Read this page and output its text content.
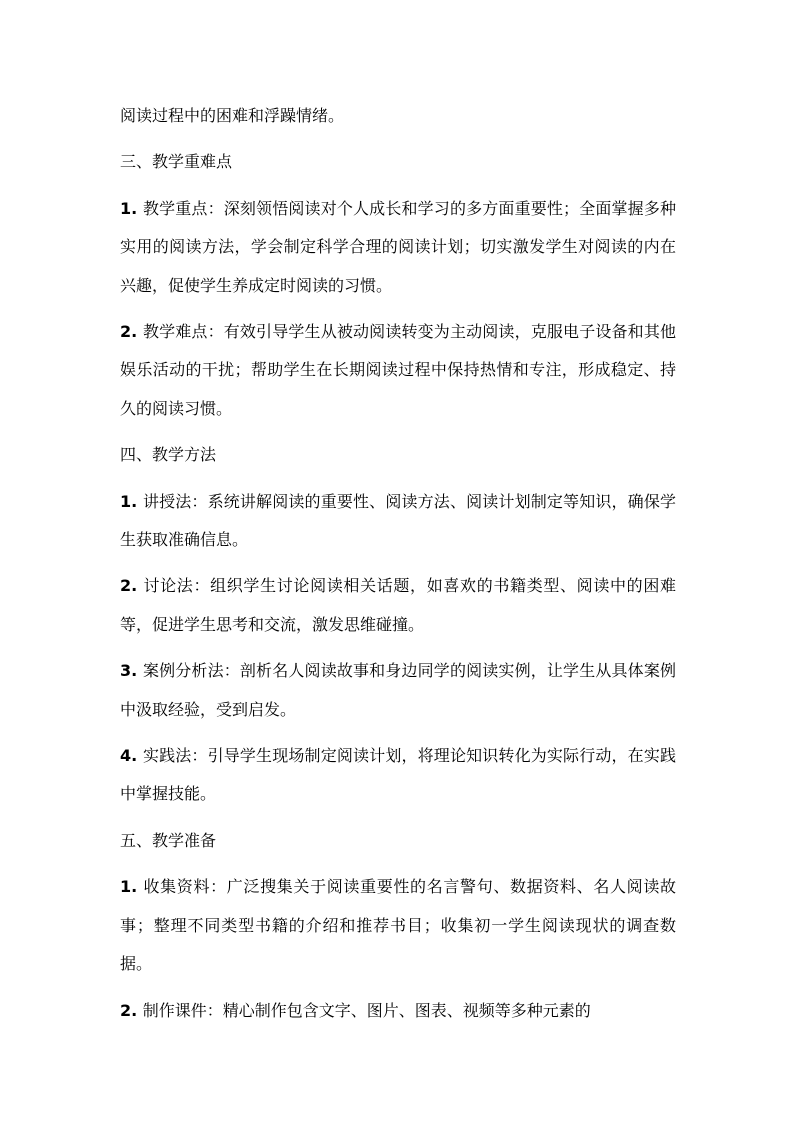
阅读过程中的困难和浮躁情绪。

三、教学重难点

1. 教学重点：深刻领悟阅读对个人成长和学习的多方面重要性；全面掌握多种实用的阅读方法，学会制定科学合理的阅读计划；切实激发学生对阅读的内在兴趣，促使学生养成定时阅读的习惯。

2. 教学难点：有效引导学生从被动阅读转变为主动阅读，克服电子设备和其他娱乐活动的干扰；帮助学生在长期阅读过程中保持热情和专注，形成稳定、持久的阅读习惯。

四、教学方法

1. 讲授法：系统讲解阅读的重要性、阅读方法、阅读计划制定等知识，确保学生获取准确信息。

2. 讨论法：组织学生讨论阅读相关话题，如喜欢的书籍类型、阅读中的困难等，促进学生思考和交流，激发思维碰撞。

3. 案例分析法：剖析名人阅读故事和身边同学的阅读实例，让学生从具体案例中汲取经验，受到启发。

4. 实践法：引导学生现场制定阅读计划，将理论知识转化为实际行动，在实践中掌握技能。

五、教学准备

1. 收集资料：广泛搜集关于阅读重要性的名言警句、数据资料、名人阅读故事；整理不同类型书籍的介绍和推荐书目；收集初一学生阅读现状的调查数据。

2. 制作课件：精心制作包含文字、图片、图表、视频等多种元素的
